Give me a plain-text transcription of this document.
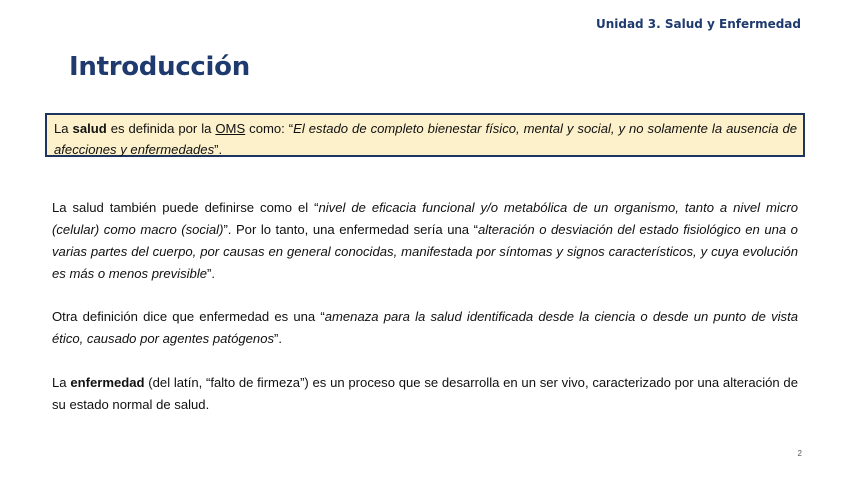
Unidad 3. Salud y Enfermedad
Introducción
La salud es definida por la OMS como: “El estado de completo bienestar físico, mental y social, y no solamente la ausencia de afecciones y enfermedades”.
La salud también puede definirse como el “nivel de eficacia funcional y/o metabólica de un organismo, tanto a nivel micro (celular) como macro (social)”. Por lo tanto, una enfermedad sería una “alteración o desviación del estado fisiológico en una o varias partes del cuerpo, por causas en general conocidas, manifestada por síntomas y signos característicos, y cuya evolución es más o menos previsible”.
Otra definición dice que enfermedad es una “amenaza para la salud identificada desde la ciencia o desde un punto de vista ético, causado por agentes patógenos”.
La enfermedad (del latín, “falto de firmeza”) es un proceso que se desarrolla en un ser vivo, caracterizado por una alteración de su estado normal de salud.
2
